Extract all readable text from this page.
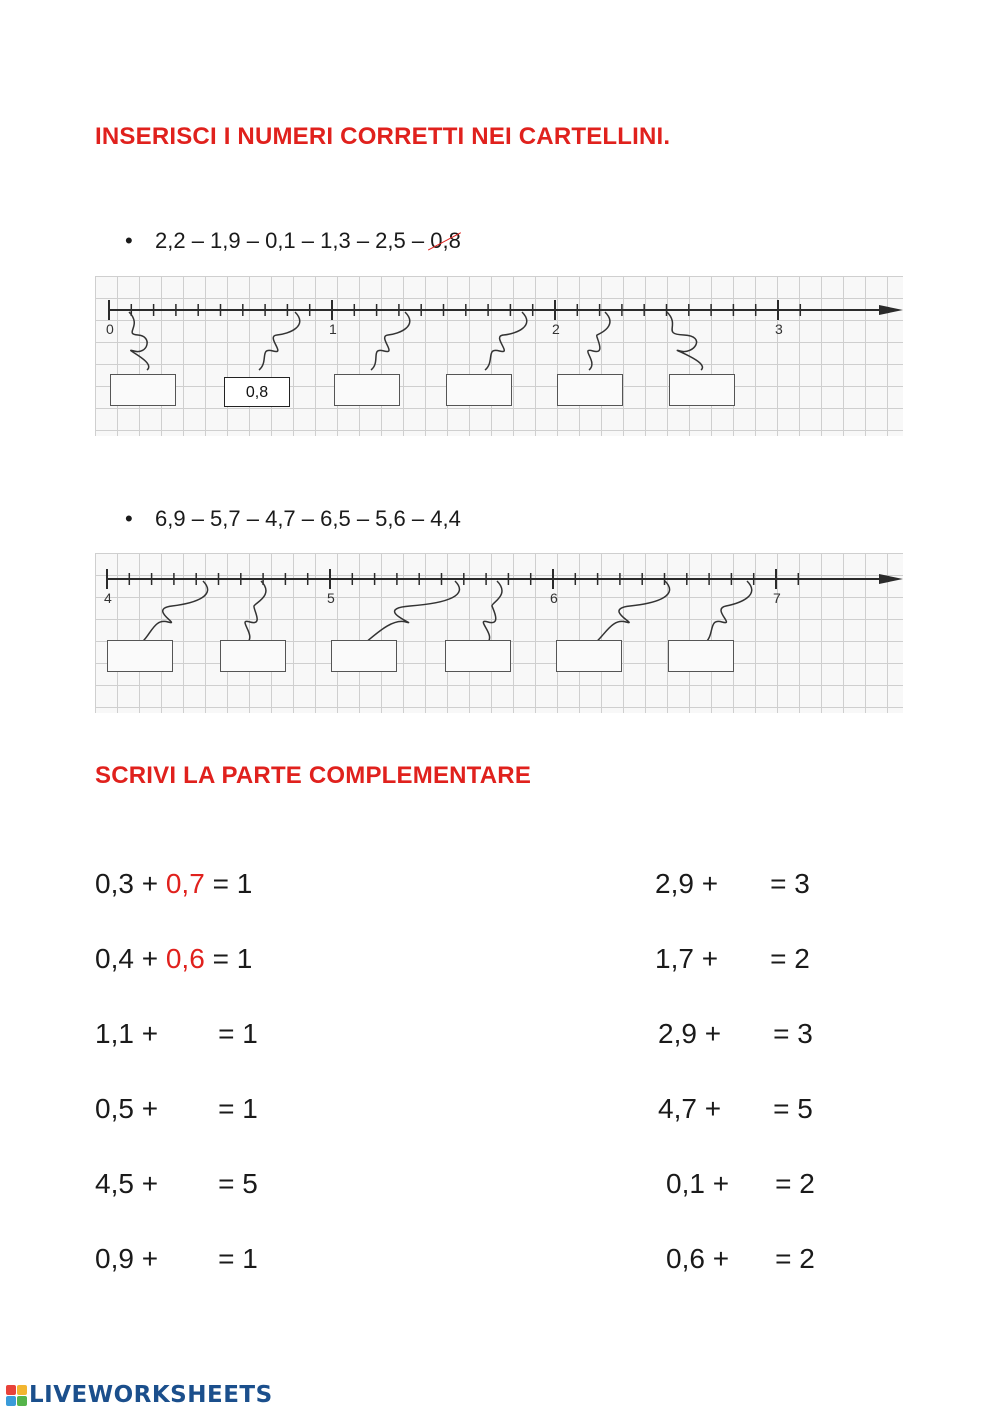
INSERISCI I NUMERI CORRETTI NEI CARTELLINI.
• 2,2 – 1,9 – 0,1 – 1,3 – 2,5 – 0,8
0	1	2	3
0,8
• 6,9 – 5,7 – 4,7 – 6,5 – 5,6 – 4,4
4	5	6	7
SCRIVI LA PARTE COMPLEMENTARE
0,3 + 0,7 = 1
0,4 + 0,6 = 1
1,1 + = 1
0,5 + = 1
4,5 + = 5
0,9 + = 1
2,9 + = 3
1,7 + = 2
2,9 + = 3
4,7 + = 5
0,1 + = 2
0,6 + = 2
LIVEWORKSHEETS
